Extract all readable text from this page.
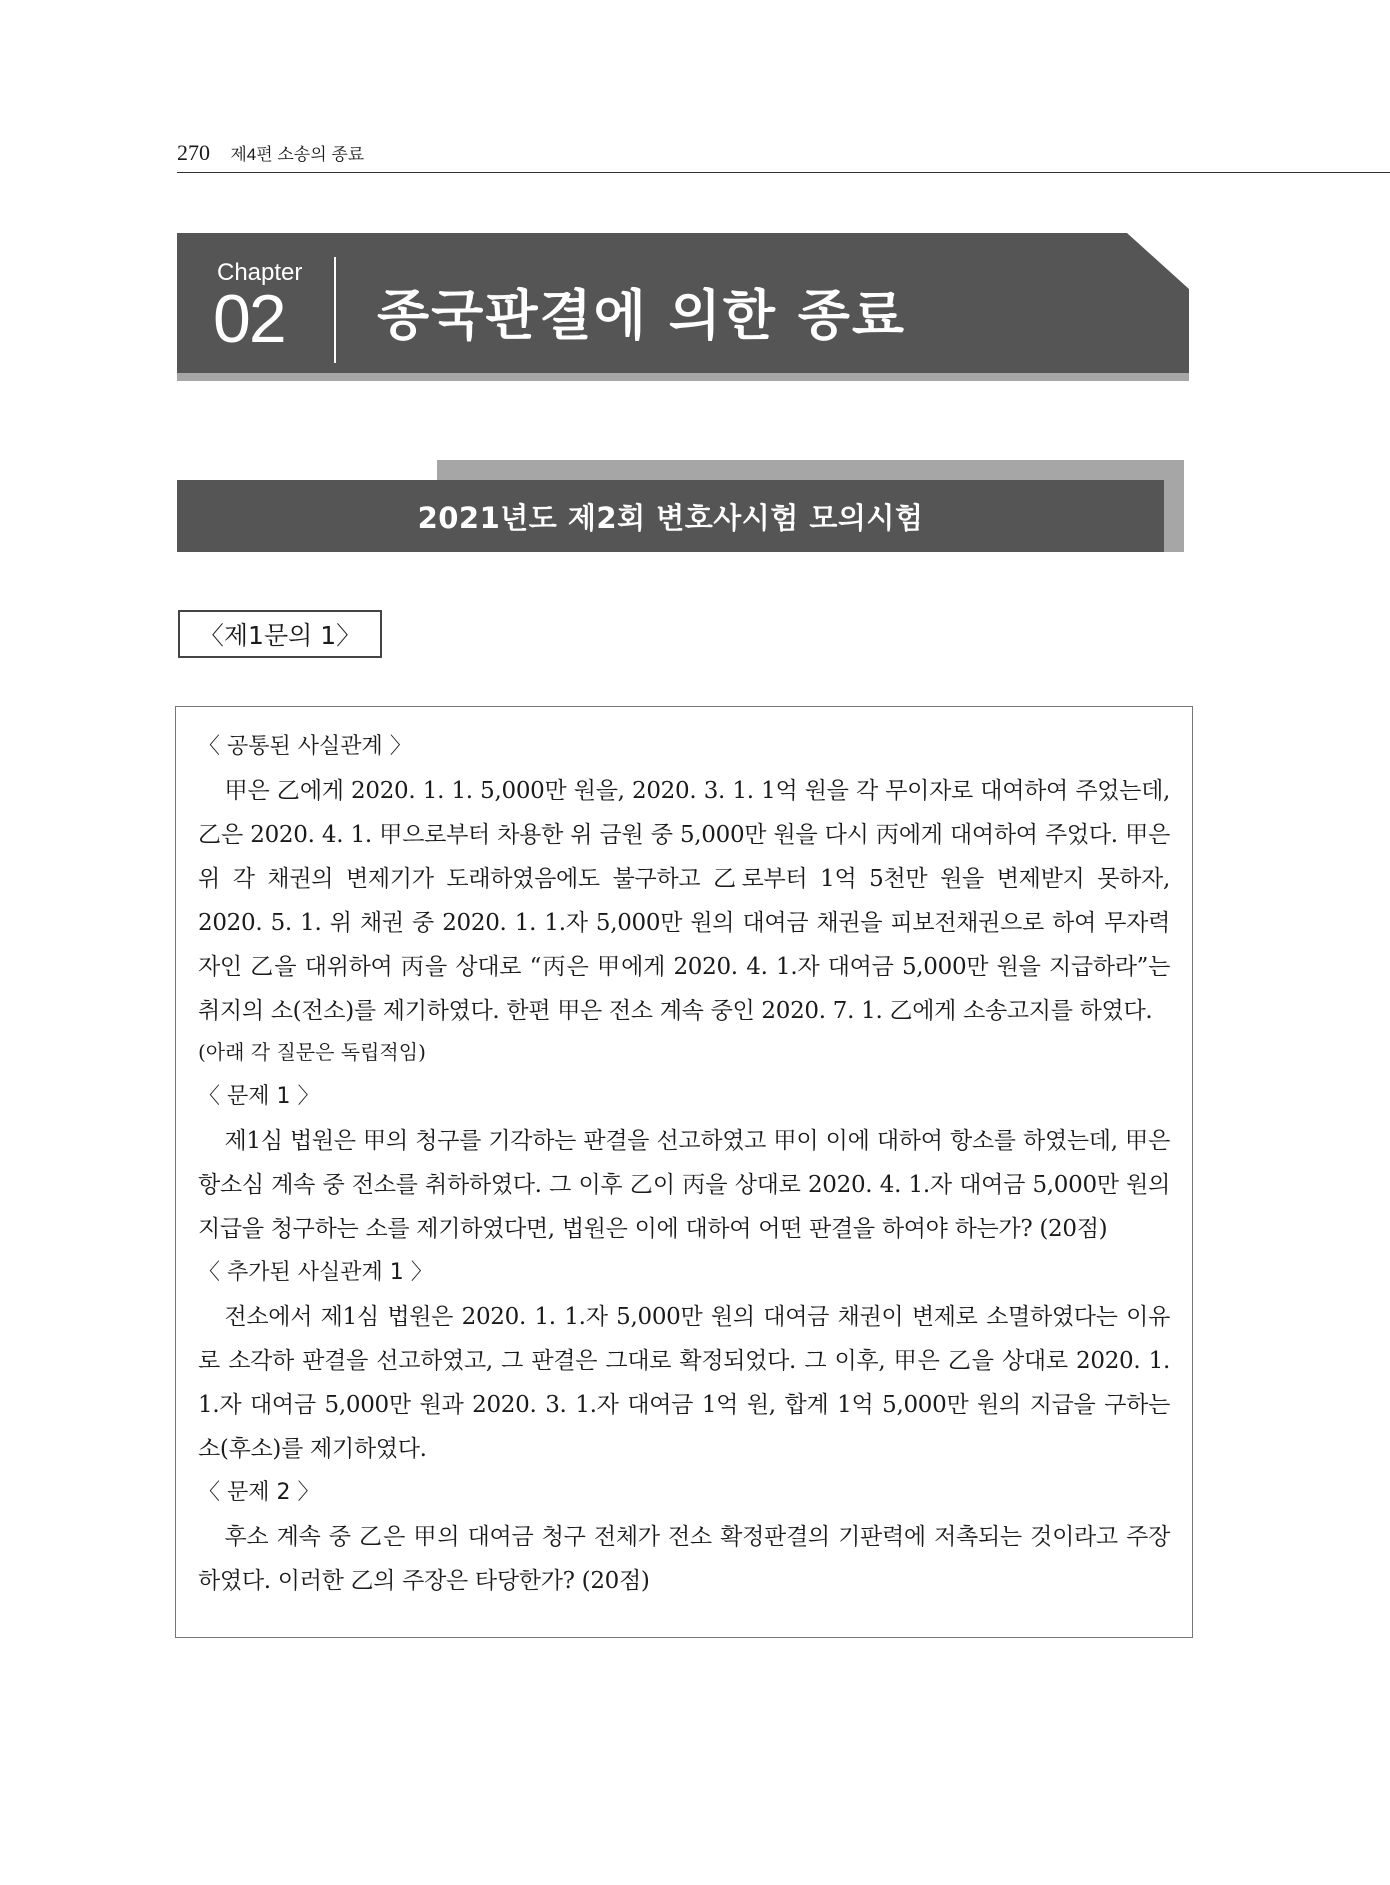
270 제4편 소송의 종료
Chapter
02 종국판결에 의한 종료
2021년도 제2회 변호사시험 모의시험
〈제1문의 1〉
〈 공통된 사실관계 〉

甲은 乙에게 2020. 1. 1. 5,000만 원을, 2020. 3. 1. 1억 원을 각 무이자로 대여하여 주었는데, 乙은 2020. 4. 1. 甲으로부터 차용한 위 금원 중 5,000만 원을 다시 丙에게 대여하여 주었다. 甲은 위 각 채권의 변제기가 도래하였음에도 불구하고 乙로부터 1억 5천만 원을 변제받지 못하자, 2020. 5. 1. 위 채권 중 2020. 1. 1.자 5,000만 원의 대여금 채권을 피보전채권으로 하여 무자력자인 乙을 대위하여 丙을 상대로 “丙은 甲에게 2020. 4. 1.자 대여금 5,000만 원을 지급하라”는 취지의 소(전소)를 제기하였다. 한편 甲은 전소 계속 중인 2020. 7. 1. 乙에게 소송고지를 하였다.

(아래 각 질문은 독립적임)

〈 문제 1 〉

제1심 법원은 甲의 청구를 기각하는 판결을 선고하였고 甲이 이에 대하여 항소를 하였는데, 甲은 항소심 계속 중 전소를 취하하였다. 그 이후 乙이 丙을 상대로 2020. 4. 1.자 대여금 5,000만 원의 지급을 청구하는 소를 제기하였다면, 법원은 이에 대하여 어떤 판결을 하여야 하는가? (20점)

〈 추가된 사실관계 1 〉

전소에서 제1심 법원은 2020. 1. 1.자 5,000만 원의 대여금 채권이 변제로 소멸하였다는 이유로 소각하 판결을 선고하였고, 그 판결은 그대로 확정되었다. 그 이후, 甲은 乙을 상대로 2020. 1. 1.자 대여금 5,000만 원과 2020. 3. 1.자 대여금 1억 원, 합계 1억 5,000만 원의 지급을 구하는 소(후소)를 제기하였다.

〈 문제 2 〉

후소 계속 중 乙은 甲의 대여금 청구 전체가 전소 확정판결의 기판력에 저촉되는 것이라고 주장하였다. 이러한 乙의 주장은 타당한가? (20점)
